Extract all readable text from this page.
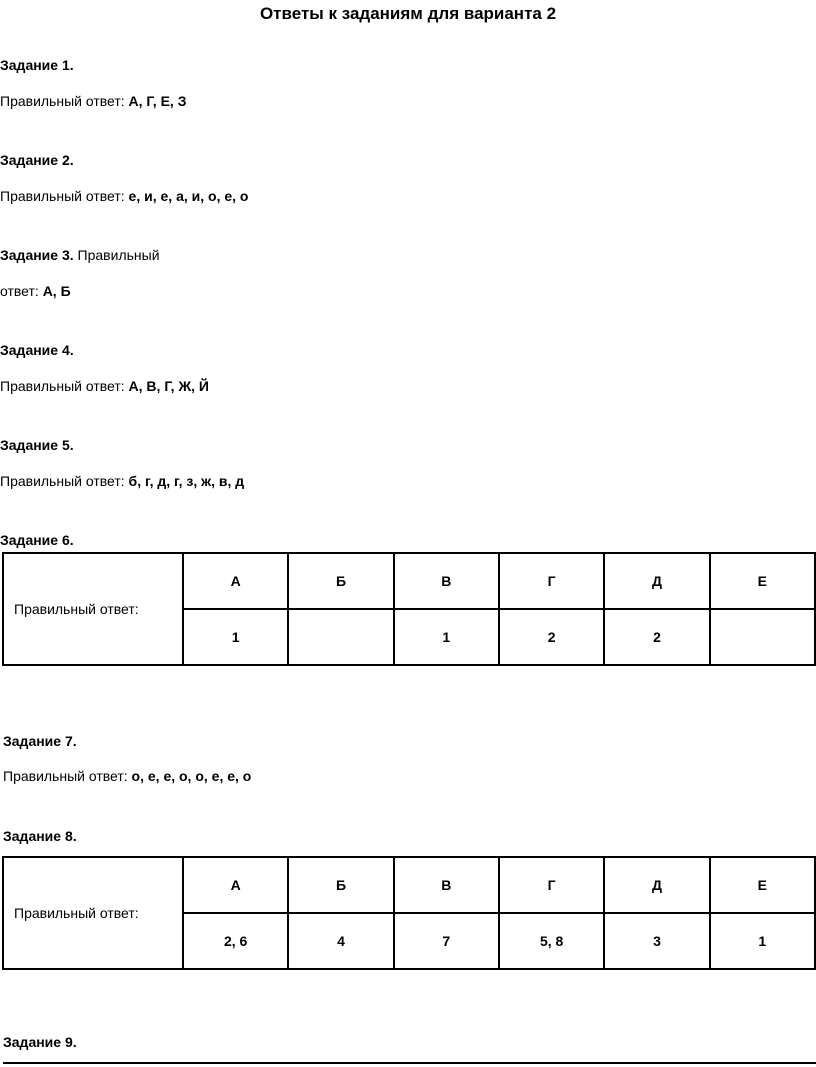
Ответы к заданиям для варианта 2
Задание 1.
Правильный ответ: А, Г, Е, З
Задание 2.
Правильный ответ: е, и, е, а, и, о, е, о
Задание 3. Правильный
ответ: А, Б
Задание 4.
Правильный ответ: А, В, Г, Ж, Й
Задание 5.
Правильный ответ: б, г, д, г, з, ж, в, д
Задание 6.
Правильный ответ:	А	Б	В	Г	Д	Е
	1		1	2	2	
Задание 7.
Правильный ответ: о, е, е, о, о, е, е, о
Задание 8.
Правильный ответ:	А	Б	В	Г	Д	Е
	2, 6	4	7	5, 8	3	1
Задание 9.
